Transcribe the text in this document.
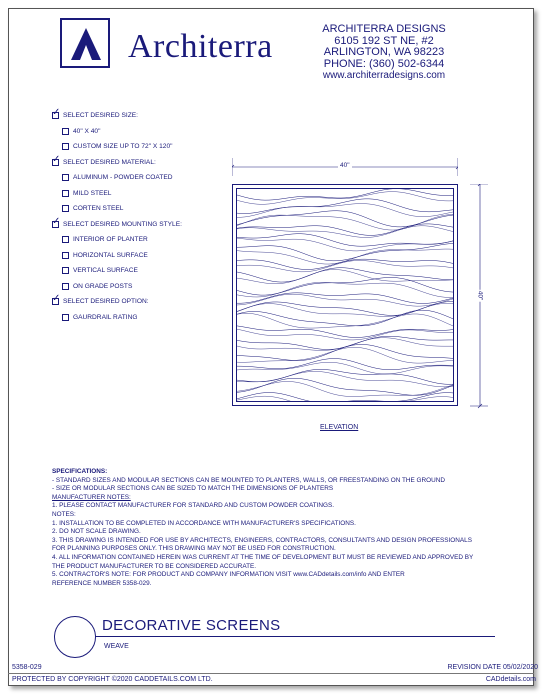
Architerra	ARCHITERRA DESIGNS
6105 192 ST NE, #2
ARLINGTON, WA 98223
PHONE: (360) 502-6344
www.architerradesigns.com
✓ SELECT DESIRED SIZE:
40" X 40"
CUSTOM SIZE UP TO 72" X 120"
✓ SELECT DESIRED MATERIAL:
ALUMINUM - POWDER COATED
MILD STEEL
CORTEN STEEL
✓ SELECT DESIRED MOUNTING STYLE:
INTERIOR OF PLANTER
HORIZONTAL SURFACE
VERTICAL SURFACE
ON GRADE POSTS
✓ SELECT DESIRED OPTION:
GAURDRAIL RATING
40"
40"
ELEVATION
SPECIFICATIONS:
- STANDARD SIZES AND MODULAR SECTIONS CAN BE MOUNTED TO PLANTERS, WALLS, OR FREESTANDING ON THE GROUND
- SIZE OR MODULAR SECTIONS CAN BE SIZED TO MATCH THE DIMENSIONS OF PLANTERS
MANUFACTURER NOTES:
1. PLEASE CONTACT MANUFACTURER FOR STANDARD AND CUSTOM POWDER COATINGS.
NOTES:
1. INSTALLATION TO BE COMPLETED IN ACCORDANCE WITH MANUFACTURER'S SPECIFICATIONS.
2. DO NOT SCALE DRAWING.
3. THIS DRAWING IS INTENDED FOR USE BY ARCHITECTS, ENGINEERS, CONTRACTORS, CONSULTANTS AND DESIGN PROFESSIONALS
FOR PLANNING PURPOSES ONLY. THIS DRAWING MAY NOT BE USED FOR CONSTRUCTION.
4. ALL INFORMATION CONTAINED HEREIN WAS CURRENT AT THE TIME OF DEVELOPMENT BUT MUST BE REVIEWED AND APPROVED BY
THE PRODUCT MANUFACTURER TO BE CONSIDERED ACCURATE.
5. CONTRACTOR'S NOTE: FOR PRODUCT AND COMPANY INFORMATION VISIT www.CADdetails.com/info AND ENTER
REFERENCE NUMBER 5358-029.
DECORATIVE SCREENS
WEAVE
5358-029	REVISION DATE 05/02/2020
PROTECTED BY COPYRIGHT ©2020 CADDETAILS.COM LTD.	CADdetails.com
